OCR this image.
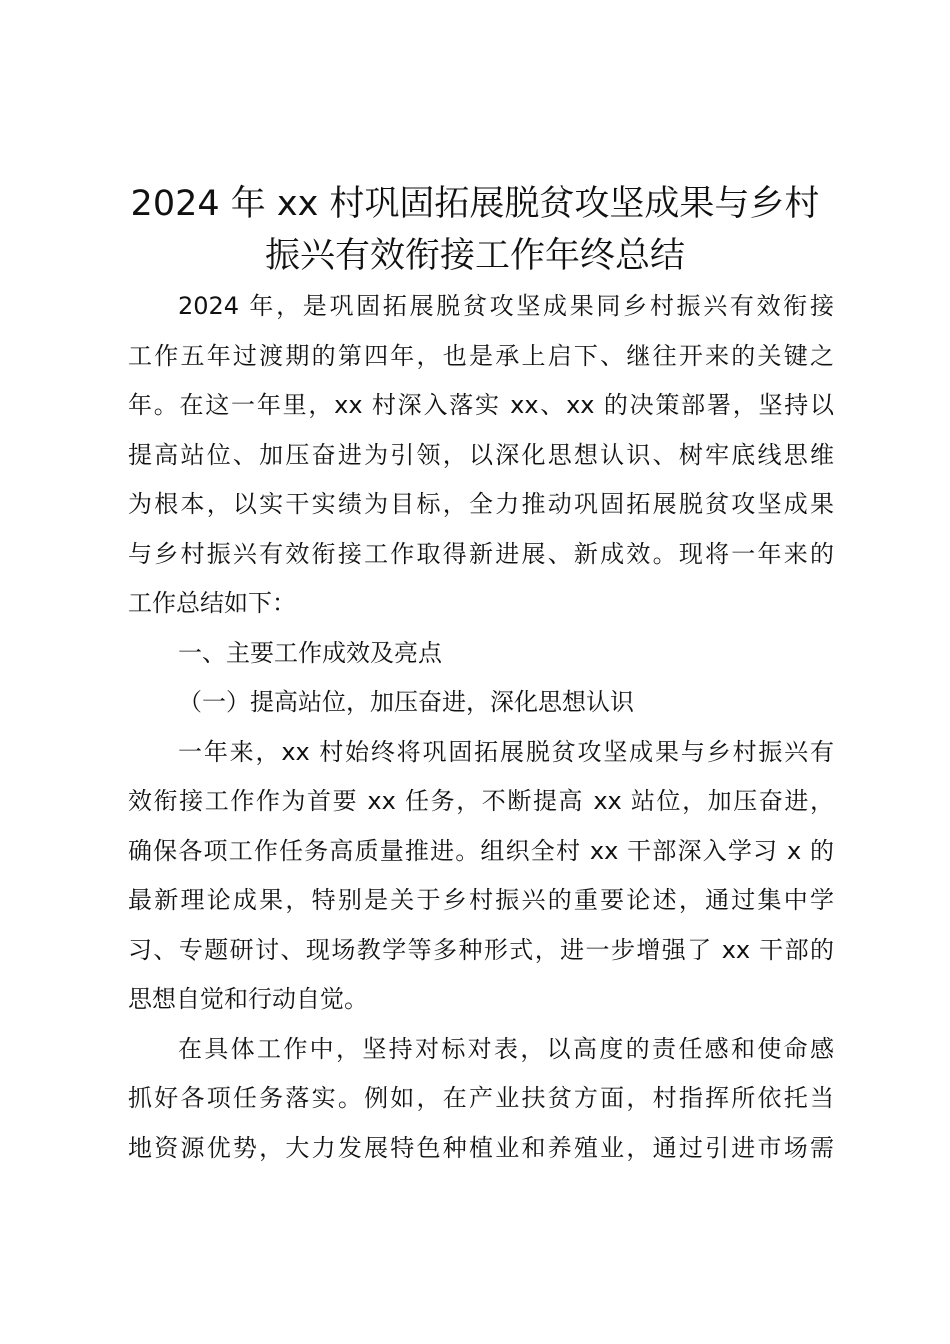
2024 年 xx 村巩固拓展脱贫攻坚成果与乡村
振兴有效衔接工作年终总结
2024 年，是巩固拓展脱贫攻坚成果同乡村振兴有效衔接
工作五年过渡期的第四年，也是承上启下、继往开来的关键之
年。在这一年里，xx 村深入落实 xx、xx 的决策部署，坚持以
提高站位、加压奋进为引领，以深化思想认识、树牢底线思维
为根本，以实干实绩为目标，全力推动巩固拓展脱贫攻坚成果
与乡村振兴有效衔接工作取得新进展、新成效。现将一年来的
工作总结如下：
一、主要工作成效及亮点
（一）提高站位，加压奋进，深化思想认识
一年来，xx 村始终将巩固拓展脱贫攻坚成果与乡村振兴有
效衔接工作作为首要 xx 任务，不断提高 xx 站位，加压奋进，
确保各项工作任务高质量推进。组织全村 xx 干部深入学习 x 的
最新理论成果，特别是关于乡村振兴的重要论述，通过集中学
习、专题研讨、现场教学等多种形式，进一步增强了 xx 干部的
思想自觉和行动自觉。
在具体工作中，坚持对标对表，以高度的责任感和使命感
抓好各项任务落实。例如，在产业扶贫方面，村指挥所依托当
地资源优势，大力发展特色种植业和养殖业，通过引进市场需
